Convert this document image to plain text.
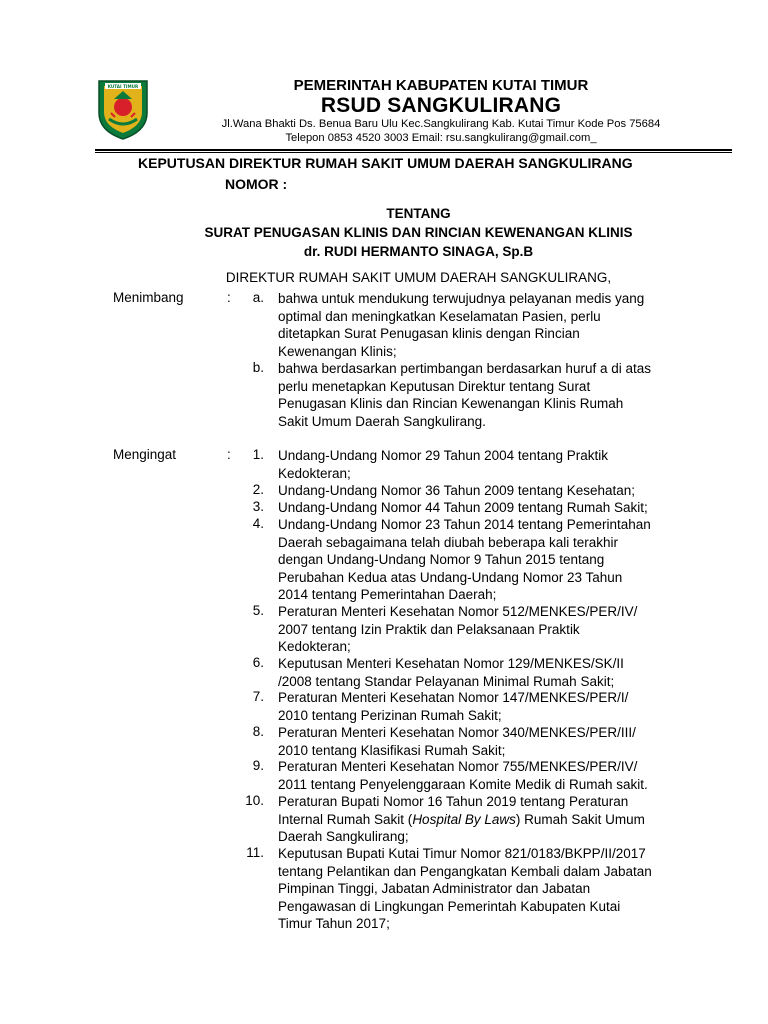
KUTAI TIMUR	PEMERINTAH KABUPATEN KUTAI TIMUR
RSUD SANGKULIRANG
Jl.Wana Bhakti Ds. Benua Baru Ulu Kec.Sangkulirang Kab. Kutai Timur Kode Pos 75684
Telepon 0853 4520 3003 Email: rsu.sangkulirang@gmail.com_
KEPUTUSAN DIREKTUR RUMAH SAKIT UMUM DAERAH SANGKULIRANG
NOMOR :
TENTANG
SURAT PENUGASAN KLINIS DAN RINCIAN KEWENANGAN KLINIS
dr. RUDI HERMANTO SINAGA, Sp.B
DIREKTUR RUMAH SAKIT UMUM DAERAH SANGKULIRANG,
Menimbang	:	a. bahwa untuk mendukung terwujudnya pelayanan medis yang
optimal dan meningkatkan Keselamatan Pasien, perlu
ditetapkan Surat Penugasan klinis dengan Rincian
Kewenangan Klinis;
b. bahwa berdasarkan pertimbangan berdasarkan huruf a di atas
perlu menetapkan Keputusan Direktur tentang Surat
Penugasan Klinis dan Rincian Kewenangan Klinis Rumah
Sakit Umum Daerah Sangkulirang.
Mengingat	:	1. Undang-Undang Nomor 29 Tahun 2004 tentang Praktik
Kedokteran;
2. Undang-Undang Nomor 36 Tahun 2009 tentang Kesehatan;
3. Undang-Undang Nomor 44 Tahun 2009 tentang Rumah Sakit;
4. Undang-Undang Nomor 23 Tahun 2014 tentang Pemerintahan
Daerah sebagaimana telah diubah beberapa kali terakhir
dengan Undang-Undang Nomor 9 Tahun 2015 tentang
Perubahan Kedua atas Undang-Undang Nomor 23 Tahun
2014 tentang Pemerintahan Daerah;
5. Peraturan Menteri Kesehatan Nomor 512/MENKES/PER/IV/
2007 tentang Izin Praktik dan Pelaksanaan Praktik
Kedokteran;
6. Keputusan Menteri Kesehatan Nomor 129/MENKES/SK/II
/2008 tentang Standar Pelayanan Minimal Rumah Sakit;
7. Peraturan Menteri Kesehatan Nomor 147/MENKES/PER/I/
2010 tentang Perizinan Rumah Sakit;
8. Peraturan Menteri Kesehatan Nomor 340/MENKES/PER/III/
2010 tentang Klasifikasi Rumah Sakit;
9. Peraturan Menteri Kesehatan Nomor 755/MENKES/PER/IV/
2011 tentang Penyelenggaraan Komite Medik di Rumah sakit.
10. Peraturan Bupati Nomor 16 Tahun 2019 tentang Peraturan
Internal Rumah Sakit (Hospital By Laws) Rumah Sakit Umum
Daerah Sangkulirang;
11. Keputusan Bupati Kutai Timur Nomor 821/0183/BKPP/II/2017
tentang Pelantikan dan Pengangkatan Kembali dalam Jabatan
Pimpinan Tinggi, Jabatan Administrator dan Jabatan
Pengawasan di Lingkungan Pemerintah Kabupaten Kutai
Timur Tahun 2017;
